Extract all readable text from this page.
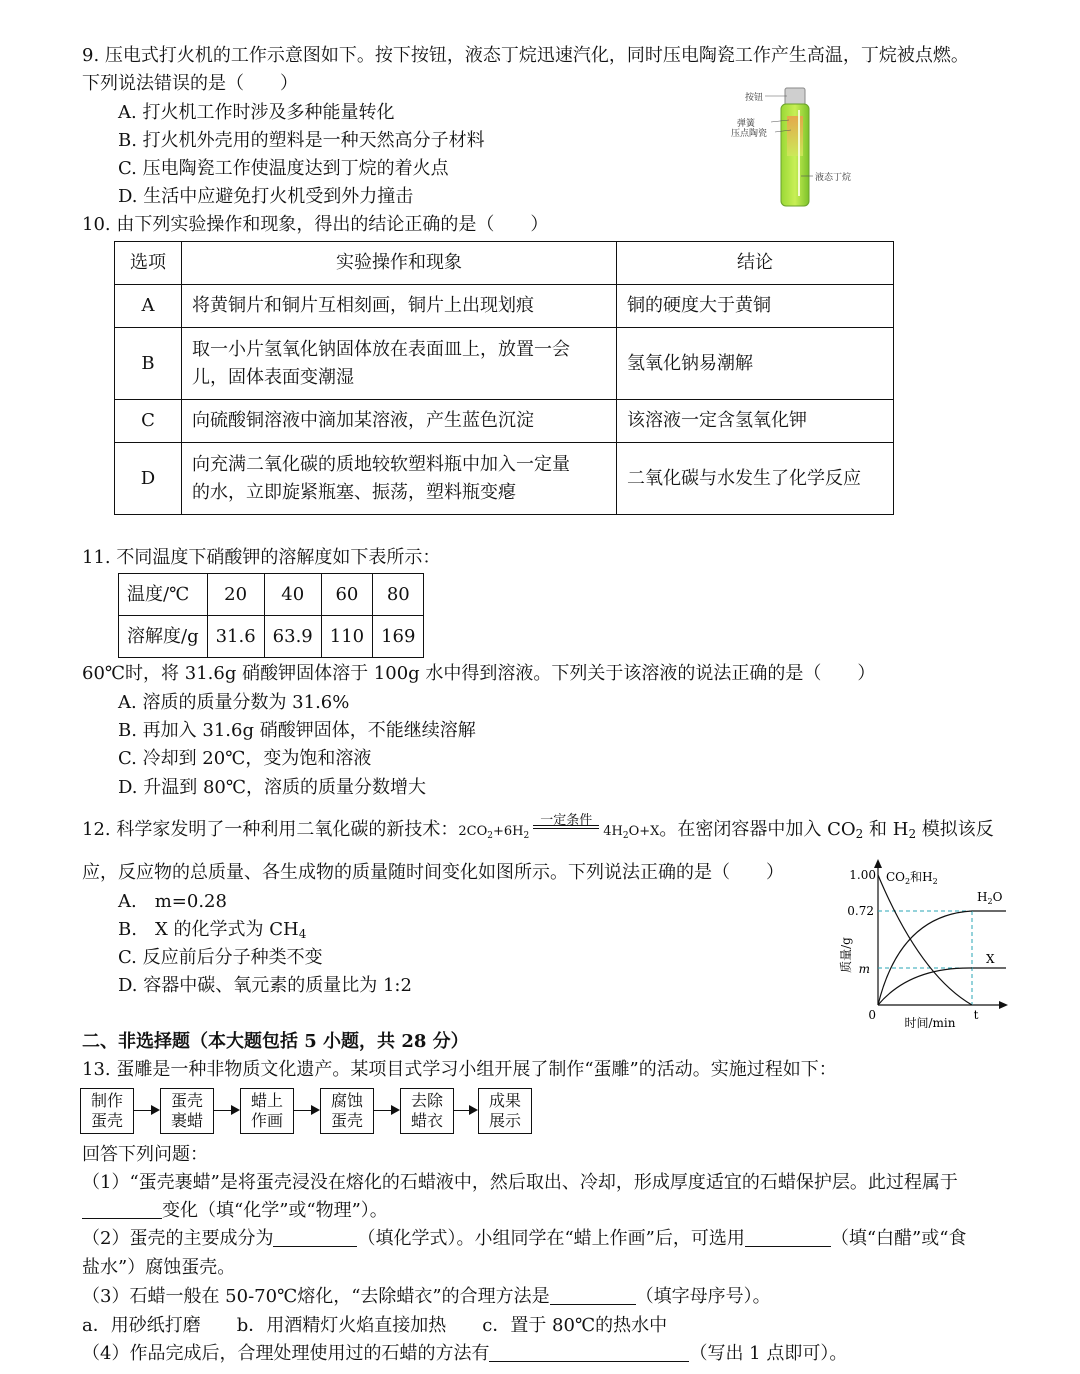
9. 压电式打火机的工作示意图如下。按下按钮，液态丁烷迅速汽化，同时压电陶瓷工作产生高温，丁烷被点燃。
下列说法错误的是（　　）
A. 打火机工作时涉及多种能量转化
B. 打火机外壳用的塑料是一种天然高分子材料
C. 压电陶瓷工作使温度达到丁烷的着火点
D. 生活中应避免打火机受到外力撞击
按钮
弹簧
压点陶瓷
液态丁烷
10. 由下列实验操作和现象，得出的结论正确的是（　　）
选项	实验操作和现象	结论
A	将黄铜片和铜片互相刻画，铜片上出现划痕	铜的硬度大于黄铜
B	取一小片氢氧化钠固体放在表面皿上，放置一会
儿，固体表面变潮湿	氢氧化钠易潮解
C	向硫酸铜溶液中滴加某溶液，产生蓝色沉淀	该溶液一定含氢氧化钾
D	向充满二氧化碳的质地较软塑料瓶中加入一定量
的水，立即旋紧瓶塞、振荡，塑料瓶变瘪	二氧化碳与水发生了化学反应
11. 不同温度下硝酸钾的溶解度如下表所示：
温度/℃	20	40	60	80
溶解度/g	31.6	63.9	110	169
60℃时，将 31.6g 硝酸钾固体溶于 100g 水中得到溶液。下列关于该溶液的说法正确的是（　　）
A. 溶质的质量分数为 31.6%
B. 再加入 31.6g 硝酸钾固体，不能继续溶解
C. 冷却到 20℃，变为饱和溶液
D. 升温到 80℃，溶质的质量分数增大
12. 科学家发明了一种利用二氧化碳的新技术：$2CO_2+6H_2$
一定条件
$4H_2O+X$。在密闭容器中加入 $CO_2$ 和 $H_2$ 模拟该反
应，反应物的总质量、各生成物的质量随时间变化如图所示。下列说法正确的是（　　）
A.　m=0.28
B.　X 的化学式为 $CH_4$
C. 反应前后分子种类不变
D. 容器中碳、氧元素的质量比为 1:2
1.00
0.72
m
0	t
时间/min
质量/g
$CO_2$和$H_2$
$H_2O$
X
二、非选择题（本大题包括 5 小题，共 28 分）
13. 蛋雕是一种非物质文化遗产。某项目式学习小组开展了制作“蛋雕”的活动。实施过程如下：
制作
蛋壳
蛋壳
裹蜡
蜡上
作画
腐蚀
蛋壳
去除
蜡衣
成果
展示
回答下列问题：
（1）“蛋壳裹蜡”是将蛋壳浸没在熔化的石蜡液中，然后取出、冷却，形成厚度适宜的石蜡保护层。此过程属于
变化（填“化学”或“物理”）。
（2）蛋壳的主要成分为	（填化学式）。小组同学在“蜡上作画”后，可选用	（填“白醋”或“食
盐水”）腐蚀蛋壳。
（3）石蜡一般在 50-70℃熔化，“去除蜡衣”的合理方法是	（填字母序号）。
a．用砂纸打磨　　b．用酒精灯火焰直接加热　　c．置于 80℃的热水中
（4）作品完成后，合理处理使用过的石蜡的方法有	（写出 1 点即可）。
